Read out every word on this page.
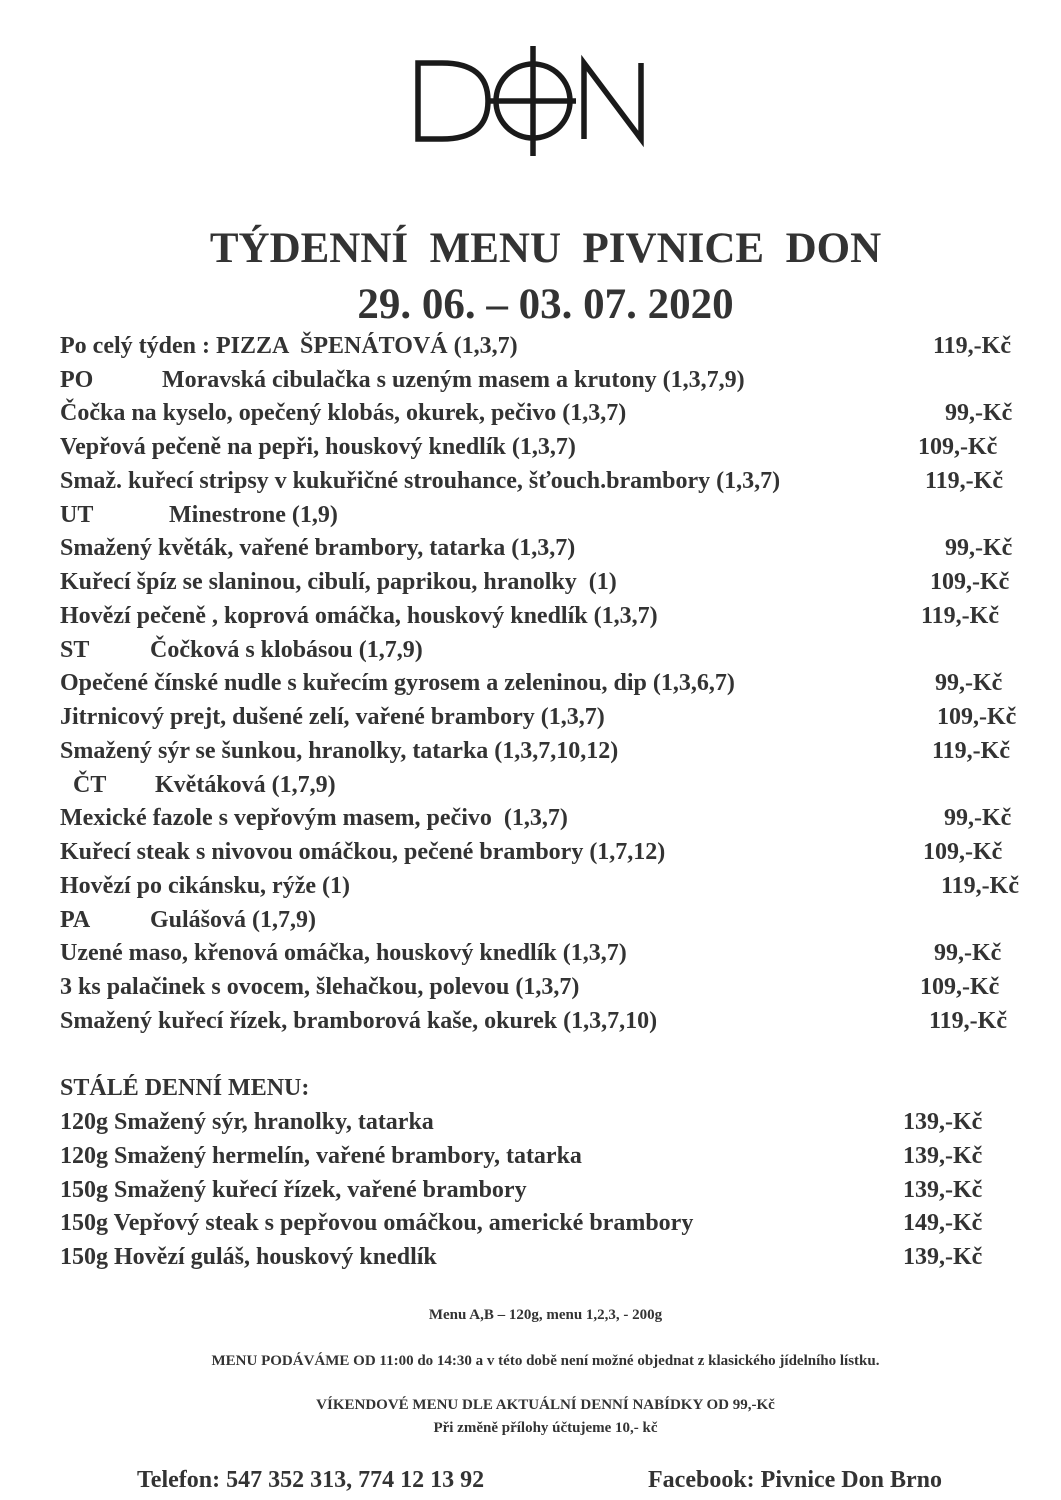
TÝDENNÍ  MENU  PIVNICE  DON
29. 06. – 03. 07. 2020
Po celý týden : PIZZA  ŠPENÁTOVÁ (1,3,7)	119,-Kč
PO	Moravská cibulačka s uzeným masem a krutony (1,3,7,9)
Čočka na kyselo, opečený klobás, okurek, pečivo (1,3,7)	99,-Kč
Vepřová pečeně na pepři, houskový knedlík (1,3,7)	109,-Kč
Smaž. kuřecí stripsy v kukuřičné strouhance, šťouch.brambory (1,3,7)	119,-Kč
UT	Minestrone (1,9)
Smažený květák, vařené brambory, tatarka (1,3,7)	99,-Kč
Kuřecí špíz se slaninou, cibulí, paprikou, hranolky  (1)	109,-Kč
Hovězí pečeně , koprová omáčka, houskový knedlík (1,3,7)	119,-Kč
ST	Čočková s klobásou (1,7,9)
Opečené čínské nudle s kuřecím gyrosem a zeleninou, dip (1,3,6,7)	99,-Kč
Jitrnicový prejt, dušené zelí, vařené brambory (1,3,7)	109,-Kč
Smažený sýr se šunkou, hranolky, tatarka (1,3,7,10,12)	119,-Kč
ČT Květáková (1,7,9)
Mexické fazole s vepřovým masem, pečivo  (1,3,7)	99,-Kč
Kuřecí steak s nivovou omáčkou, pečené brambory (1,7,12)	109,-Kč
Hovězí po cikánsku, rýže (1)	119,-Kč
PA Gulášová (1,7,9)
Uzené maso, křenová omáčka, houskový knedlík (1,3,7)	99,-Kč
3 ks palačinek s ovocem, šlehačkou, polevou (1,3,7)	109,-Kč
Smažený kuřecí řízek, bramborová kaše, okurek (1,3,7,10)	119,-Kč
STÁLÉ DENNÍ MENU:
120g Smažený sýr, hranolky, tatarka	139,-Kč
120g Smažený hermelín, vařené brambory, tatarka	139,-Kč
150g Smažený kuřecí řízek, vařené brambory	139,-Kč
150g Vepřový steak s pepřovou omáčkou, americké brambory	149,-Kč
150g Hovězí guláš, houskový knedlík	139,-Kč
Menu A,B – 120g, menu 1,2,3, - 200g
MENU PODÁVÁME OD 11:00 do 14:30 a v této době není možné objednat z klasického jídelního lístku.
VÍKENDOVÉ MENU DLE AKTUÁLNÍ DENNÍ NABÍDKY OD 99,-Kč
Při změně přílohy účtujeme 10,- kč
Telefon: 547 352 313, 774 12 13 92	Facebook: Pivnice Don Brno
